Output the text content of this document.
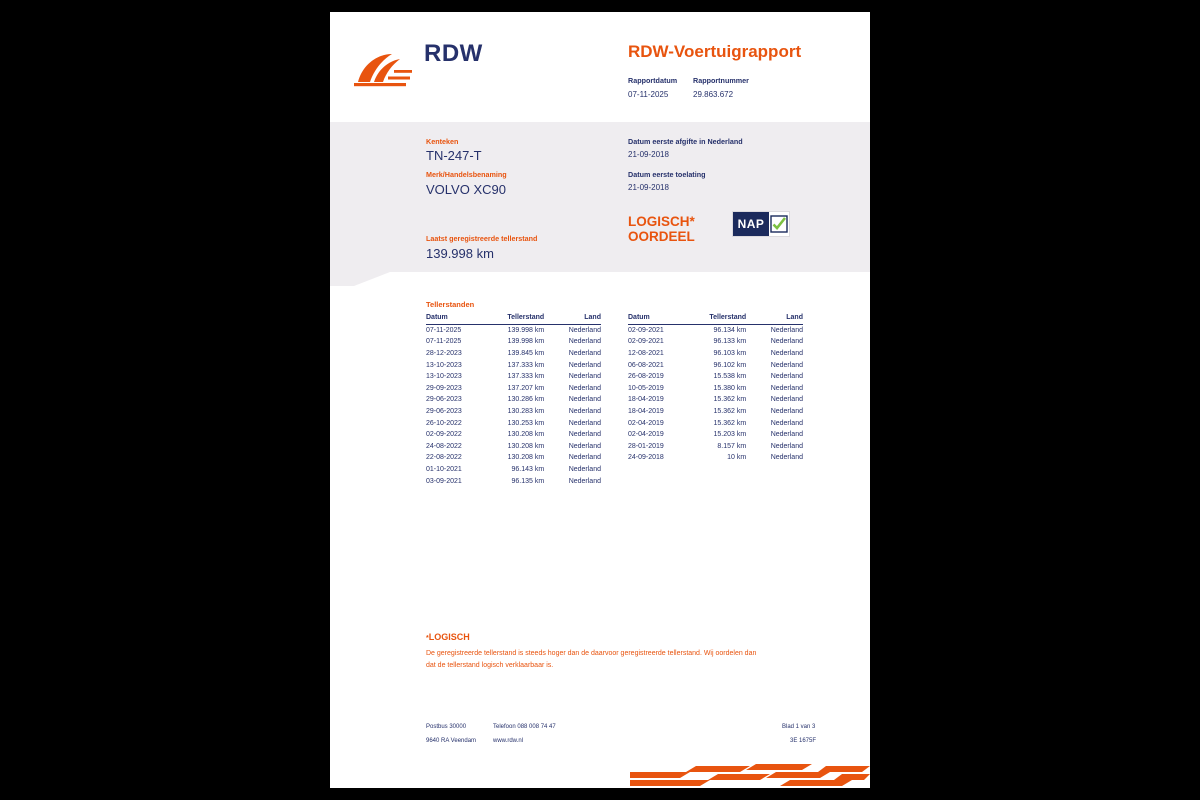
RDW	RDW-Voertuigrapport
Rapportdatum
07-11-2025
Rapportnummer
29.863.672
Kenteken
TN-247-T
Merk/Handelsbenaming
VOLVO XC90
Laatst geregistreerde tellerstand
139.998 km
Datum eerste afgifte in Nederland
21-09-2018
Datum eerste toelating
21-09-2018
LOGISCH*
OORDEEL
NAP
Tellerstanden
Datum	Tellerstand	Land
07-11-2025	139.998 km	Nederland
07-11-2025	139.998 km	Nederland
28-12-2023	139.845 km	Nederland
13-10-2023	137.333 km	Nederland
13-10-2023	137.333 km	Nederland
29-09-2023	137.207 km	Nederland
29-06-2023	130.286 km	Nederland
29-06-2023	130.283 km	Nederland
26-10-2022	130.253 km	Nederland
02-09-2022	130.208 km	Nederland
24-08-2022	130.208 km	Nederland
22-08-2022	130.208 km	Nederland
01-10-2021	96.143 km	Nederland
03-09-2021	96.135 km	Nederland
Datum	Tellerstand	Land
02-09-2021	96.134 km	Nederland
02-09-2021	96.133 km	Nederland
12-08-2021	96.103 km	Nederland
06-08-2021	96.102 km	Nederland
26-08-2019	15.538 km	Nederland
10-05-2019	15.380 km	Nederland
18-04-2019	15.362 km	Nederland
18-04-2019	15.362 km	Nederland
02-04-2019	15.362 km	Nederland
02-04-2019	15.203 km	Nederland
28-01-2019	8.157 km	Nederland
24-09-2018	10 km	Nederland
*LOGISCH
De geregistreerde tellerstand is steeds hoger dan de daarvoor geregistreerde tellerstand. Wij oordelen dan
dat de tellerstand logisch verklaarbaar is.
Postbus 30000
9640 RA Veendam
Telefoon 088 008 74 47
www.rdw.nl
Blad 1 van 3
3E 1675F
